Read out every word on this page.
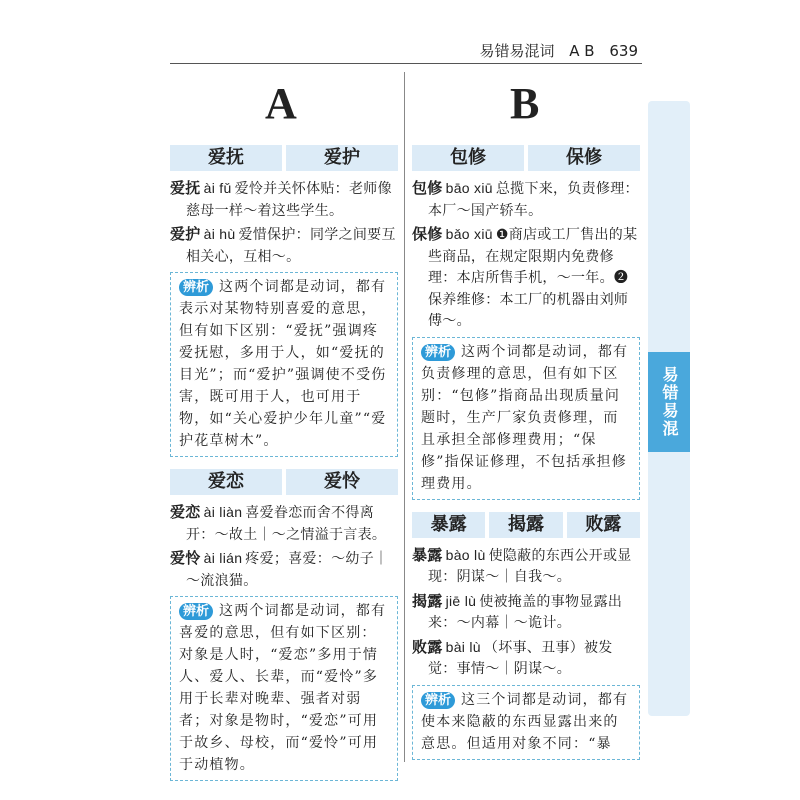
易错易混词 A B 639
A	B
爱抚	爱护
爱抚 ài fǔ 爱怜并关怀体贴：老师像慈母一样～着这些学生。
爱护 ài hù 爱惜保护：同学之间要互相关心，互相～。
辨析 这两个词都是动词，都有表示对某物特别喜爱的意思，但有如下区别：“爱抚”强调疼爱抚慰，多用于人，如“爱抚的目光”；而“爱护”强调使不受伤害，既可用于人，也可用于物，如“关心爱护少年儿童”“爱护花草树木”。
爱恋	爱怜
爱恋 ài liàn 喜爱眷恋而舍不得离开：～故土｜～之情溢于言表。
爱怜 ài lián 疼爱；喜爱：～幼子｜～流浪猫。
辨析 这两个词都是动词，都有喜爱的意思，但有如下区别：对象是人时，“爱恋”多用于情人、爱人、长辈，而“爱怜”多用于长辈对晚辈、强者对弱者；对象是物时，“爱恋”可用于故乡、母校，而“爱怜”可用于动植物。
包修	保修
包修 bāo xiū 总揽下来，负责修理：本厂～国产轿车。
保修 bǎo xiū ❶商店或工厂售出的某些商品，在规定限期内免费修理：本店所售手机，～一年。❷保养维修：本工厂的机器由刘师傅～。
辨析 这两个词都是动词，都有负责修理的意思，但有如下区别：“包修”指商品出现质量问题时，生产厂家负责修理，而且承担全部修理费用；“保修”指保证修理，不包括承担修理费用。
暴露	揭露	败露
暴露 bào lù 使隐蔽的东西公开或显现：阴谋～｜自我～。
揭露 jiē lù 使被掩盖的事物显露出来：～内幕｜～诡计。
败露 bài lù （坏事、丑事）被发觉：事情～｜阴谋～。
辨析 这三个词都是动词，都有使本来隐蔽的东西显露出来的意思。但适用对象不同：“暴
易错易混
